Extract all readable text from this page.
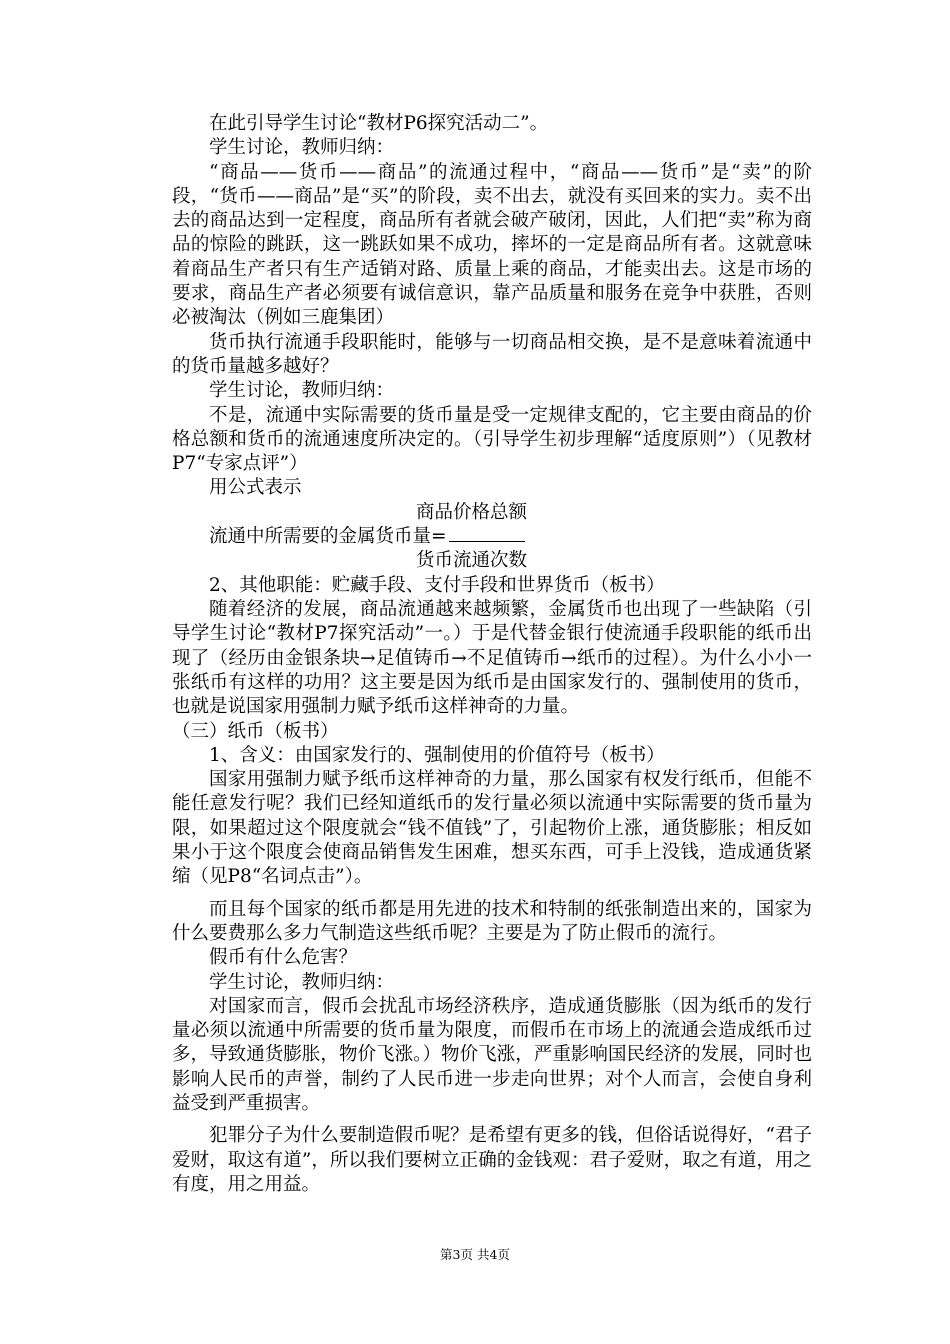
在此引导学生讨论“教材P6探究活动二”。
学生讨论，教师归纳：
“商品——货币——商品”的流通过程中，“商品——货币”是“卖”的阶段，“货币——商品”是“买”的阶段，卖不出去，就没有买回来的实力。卖不出去的商品达到一定程度，商品所有者就会破产破闭，因此，人们把“卖”称为商品的惊险的跳跃，这一跳跃如果不成功，摔坏的一定是商品所有者。这就意味着商品生产者只有生产适销对路、质量上乘的商品，才能卖出去。这是市场的要求，商品生产者必须要有诚信意识，靠产品质量和服务在竞争中获胜，否则必被淘汰（例如三鹿集团）
货币执行流通手段职能时，能够与一切商品相交换，是不是意味着流通中的货币量越多越好？
学生讨论，教师归纳：
不是，流通中实际需要的货币量是受一定规律支配的，它主要由商品的价格总额和货币的流通速度所决定的。（引导学生初步理解“适度原则”）（见教材P7“专家点评”）
用公式表示
商品价格总额
流通中所需要的金属货币量=
货币流通次数
2、其他职能：贮藏手段、支付手段和世界货币（板书）
随着经济的发展，商品流通越来越频繁，金属货币也出现了一些缺陷（引导学生讨论“教材P7探究活动”一。）于是代替金银行使流通手段职能的纸币出现了（经历由金银条块→足值铸币→不足值铸币→纸币的过程）。为什么小小一张纸币有这样的功用？这主要是因为纸币是由国家发行的、强制使用的货币，也就是说国家用强制力赋予纸币这样神奇的力量。
（三）纸币（板书）
1、含义：由国家发行的、强制使用的价值符号（板书）
国家用强制力赋予纸币这样神奇的力量，那么国家有权发行纸币，但能不能任意发行呢？我们已经知道纸币的发行量必须以流通中实际需要的货币量为限，如果超过这个限度就会“钱不值钱”了，引起物价上涨，通货膨胀；相反如果小于这个限度会使商品销售发生困难，想买东西，可手上没钱，造成通货紧缩（见P8“名词点击”）。
而且每个国家的纸币都是用先进的技术和特制的纸张制造出来的，国家为什么要费那么多力气制造这些纸币呢？主要是为了防止假币的流行。
假币有什么危害？
学生讨论，教师归纳：
对国家而言，假币会扰乱市场经济秩序，造成通货膨胀（因为纸币的发行量必须以流通中所需要的货币量为限度，而假币在市场上的流通会造成纸币过多，导致通货膨胀，物价飞涨。）物价飞涨，严重影响国民经济的发展，同时也影响人民币的声誉，制约了人民币进一步走向世界；对个人而言，会使自身利益受到严重损害。
犯罪分子为什么要制造假币呢？是希望有更多的钱，但俗话说得好，“君子爱财，取这有道”，所以我们要树立正确的金钱观：君子爱财，取之有道，用之有度，用之用益。
第3页 共4页
